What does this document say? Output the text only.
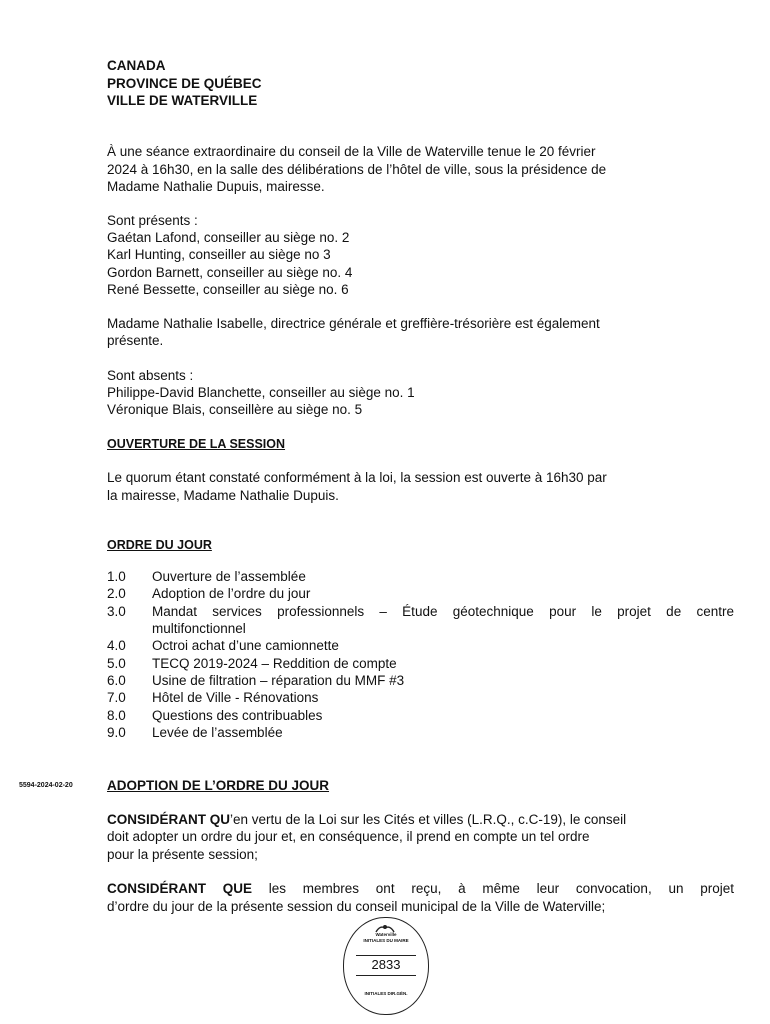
CANADA
PROVINCE DE QUÉBEC
VILLE DE WATERVILLE
À une séance extraordinaire du conseil de la Ville de Waterville tenue le 20 février
2024 à 16h30, en la salle des délibérations de l’hôtel de ville, sous la présidence de
Madame Nathalie Dupuis, mairesse.
Sont présents :
Gaétan Lafond, conseiller au siège no. 2
Karl Hunting, conseiller au siège no 3
Gordon Barnett, conseiller au siège no. 4
René Bessette, conseiller au siège no. 6
Madame Nathalie Isabelle, directrice générale et greffière-trésorière est également
présente.
Sont absents :
Philippe-David Blanchette, conseiller au siège no. 1
Véronique Blais, conseillère au siège no. 5
OUVERTURE DE LA SESSION
Le quorum étant constaté conformément à la loi, la session est ouverte à 16h30 par
la mairesse, Madame Nathalie Dupuis.
ORDRE DU JOUR
1.0 Ouverture de l’assemblée
2.0 Adoption de l’ordre du jour
3.0 Mandat services professionnels – Étude géotechnique pour le projet de centre
multifonctionnel
4.0 Octroi achat d’une camionnette
5.0 TECQ 2019-2024 – Reddition de compte
6.0 Usine de filtration – réparation du MMF #3
7.0 Hôtel de Ville - Rénovations
8.0 Questions des contribuables
9.0 Levée de l’assemblée
5594-2024-02-20	ADOPTION DE L’ORDRE DU JOUR
CONSIDÉRANT QU’en vertu de la Loi sur les Cités et villes (L.R.Q., c.C-19), le conseil
doit adopter un ordre du jour et, en conséquence, il prend en compte un tel ordre
pour la présente session;
CONSIDÉRANT QUE les membres ont reçu, à même leur convocation, un projet
d’ordre du jour de la présente session du conseil municipal de la Ville de Waterville;
Waterville
INITIALES DU MAIRE
2833
INITIALES DIR.GÉN.
